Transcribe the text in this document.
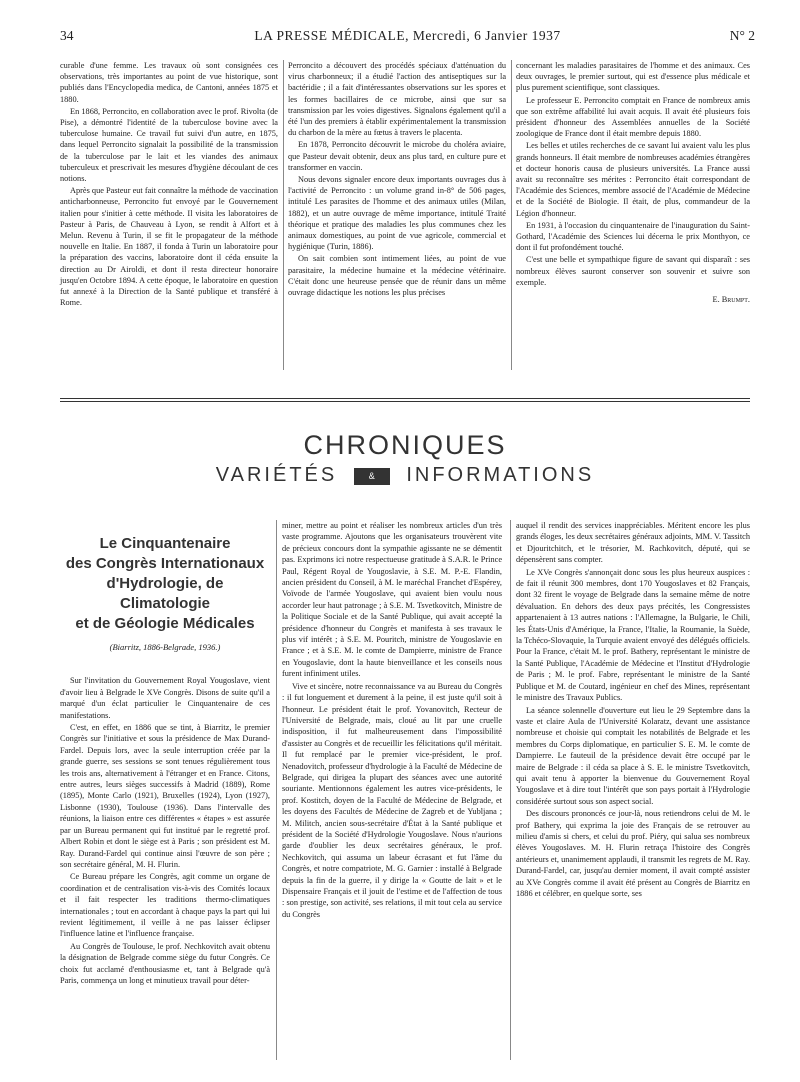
34	LA PRESSE MÉDICALE, Mercredi, 6 Janvier 1937	N° 2

curable d'une femme. Les travaux où sont consignées ces observations, très importantes au point de vue historique, sont publiés dans l'Encyclopedia medica, de Cantoni, années 1875 et 1880.

En 1868, Perroncito, en collaboration avec le prof. Rivolta (de Pise), a démontré l'identité de la tuberculose bovine avec la tuberculose humaine. Ce travail fut suivi d'un autre, en 1875, dans lequel Perroncito signalait la possibilité de la transmission de la tuberculose par le lait et les viandes des animaux tuberculeux et prescrivait les mesures d'hygiène découlant de ces notions.

Après que Pasteur eut fait connaître la méthode de vaccination anticharbonneuse, Perroncito fut envoyé par le Gouvernement italien pour s'initier à cette méthode. Il visita les laboratoires de Pasteur à Paris, de Chauveau à Lyon, se rendit à Alfort et à Melun. Revenu à Turin, il se fit le propagateur de la méthode nouvelle en Italie. En 1887, il fonda à Turin un laboratoire pour la préparation des vaccins, laboratoire dont il céda ensuite la direction au Dr Airoldi, et dont il resta directeur honoraire jusqu'en Octobre 1894. A cette époque, le laboratoire en question fut annexé à la Direction de la Santé publique et transféré à Rome.

Perroncito a découvert des procédés spéciaux d'atténuation du virus charbonneux; il a étudié l'action des antiseptiques sur la bactéridie ; il a fait d'intéressantes observations sur les spores et les formes bacillaires de ce microbe, ainsi que sur sa transmission par les voies digestives. Signalons également qu'il a été l'un des premiers à établir expérimentalement la transmission du charbon de la mère au fœtus à travers le placenta.

En 1878, Perroncito découvrit le microbe du choléra aviaire, que Pasteur devait obtenir, deux ans plus tard, en culture pure et transformer en vaccin.

Nous devons signaler encore deux importants ouvrages dus à l'activité de Perroncito : un volume grand in-8° de 506 pages, intitulé Les parasites de l'homme et des animaux utiles (Milan, 1882), et un autre ouvrage de même importance, intitulé Traité théorique et pratique des maladies les plus communes chez les animaux domestiques, au point de vue agricole, commercial et hygiénique (Turin, 1886).

On sait combien sont intimement liées, au point de vue parasitaire, la médecine humaine et la médecine vétérinaire. C'était donc une heureuse pensée que de réunir dans un même ouvrage didactique les notions les plus précises

concernant les maladies parasitaires de l'homme et des animaux. Ces deux ouvrages, le premier surtout, qui est d'essence plus médicale et plus purement scientifique, sont classiques.

Le professeur E. Perroncito comptait en France de nombreux amis que son extrême affabilité lui avait acquis. Il avait été plusieurs fois président d'honneur des Assemblées annuelles de la Société zoologique de France dont il était membre depuis 1880.

Les belles et utiles recherches de ce savant lui avaient valu les plus grands honneurs. Il était membre de nombreuses académies étrangères et docteur honoris causa de plusieurs universités. La France aussi avait su reconnaître ses mérites : Perroncito était correspondant de l'Académie des Sciences, membre associé de l'Académie de Médecine et de la Société de Biologie. Il était, de plus, commandeur de la Légion d'honneur.

En 1931, à l'occasion du cinquantenaire de l'inauguration du Saint-Gothard, l'Académie des Sciences lui décerna le prix Monthyon, ce dont il fut profondément touché.

C'est une belle et sympathique figure de savant qui disparaît : ses nombreux élèves sauront conserver son souvenir et suivre son exemple.

E. Brumpt.
CHRONIQUES
VARIÉTÉS	& INFORMATIONS
Le Cinquantenaire
des Congrès Internationaux
d'Hydrologie, de Climatologie
et de Géologie Médicales
(Biarritz, 1886-Belgrade, 1936.)

Sur l'invitation du Gouvernement Royal Yougoslave, vient d'avoir lieu à Belgrade le XVe Congrès. Disons de suite qu'il a marqué d'un éclat particulier le Cinquantenaire de ces manifestations.

C'est, en effet, en 1886 que se tint, à Biarritz, le premier Congrès sur l'initiative et sous la présidence de Max Durand-Fardel. Depuis lors, avec la seule interruption créée par la grande guerre, ses sessions se sont tenues régulièrement tous les trois ans, alternativement à l'étranger et en France. Citons, entre autres, leurs sièges successifs à Madrid (1889), Rome (1895), Monte Carlo (1921), Bruxelles (1924), Lyon (1927), Lisbonne (1930), Toulouse (1936). Dans l'intervalle des réunions, la liaison entre ces différentes « étapes » est assurée par un Bureau permanent qui fut institué par le regretté prof. Albert Robin et dont le siège est à Paris ; son président est M. Ray. Durand-Fardel qui continue ainsi l'œuvre de son père ; son secrétaire général, M. H. Flurin.

Ce Bureau prépare les Congrès, agit comme un organe de coordination et de centralisation vis-à-vis des Comités locaux et il fait respecter les traditions thermo-climatiques internationales ; tout en accordant à chaque pays la part qui lui revient légitimement, il veille à ne pas laisser éclipser l'influence latine et l'influence française.

Au Congrès de Toulouse, le prof. Nechkovitch avait obtenu la désignation de Belgrade comme siège du futur Congrès. Ce choix fut acclamé d'enthousiasme et, tant à Belgrade qu'à Paris, commença un long et minutieux travail pour déter-

miner, mettre au point et réaliser les nombreux articles d'un très vaste programme. Ajoutons que les organisateurs trouvèrent vite de précieux concours dont la sympathie agissante ne se démentit pas. Exprimons ici notre respectueuse gratitude à S.A.R. le Prince Paul, Régent Royal de Yougoslavie, à S.E. M. P.-E. Flandin, ancien président du Conseil, à M. le maréchal Franchet d'Espérey, Voïvode de l'armée Yougoslave, qui avaient bien voulu nous accorder leur haut patronage ; à S.E. M. Tsvetkovitch, Ministre de la Politique Sociale et de la Santé Publique, qui avait accepté la présidence d'honneur du Congrès et manifesta à ses travaux le plus vif intérêt ; à S.E. M. Pouritch, ministre de Yougoslavie en France ; et à S.E. M. le comte de Dampierre, ministre de France en Yougoslavie, dont la haute bienveillance et les conseils nous furent infiniment utiles.

Vive et sincère, notre reconnaissance va au Bureau du Congrès : il fut longuement et durement à la peine, il est juste qu'il soit à l'honneur. Le président était le prof. Yovanovitch, Recteur de l'Université de Belgrade, mais, cloué au lit par une cruelle indisposition, il fut malheureusement dans l'impossibilité d'assister au Congrès et de recueillir les félicitations qu'il méritait. Il fut remplacé par le premier vice-président, le prof. Nenadovitch, professeur d'hydrologie à la Faculté de Médecine de Belgrade, qui dirigea la plupart des séances avec une autorité souriante. Mentionnons également les autres vice-présidents, le prof. Kostitch, doyen de la Faculté de Médecine de Belgrade, et les doyens des Facultés de Médecine de Zagreb et de Yubljana ; M. Militch, ancien sous-secrétaire d'État à la Santé publique et président de la Société d'Hydrologie Yougoslave. Nous n'aurions garde d'oublier les deux secrétaires généraux, le prof. Nechkovitch, qui assuma un labeur écrasant et fut l'âme du Congrès, et notre compatriote, M. G. Garnier : installé à Belgrade depuis la fin de la guerre, il y dirige la « Goutte de lait » et le Dispensaire Français et il jouit de l'estime et de l'affection de tous : son prestige, son activité, ses relations, il mit tout cela au service du Congrès

auquel il rendit des services inappréciables. Méritent encore les plus grands éloges, les deux secrétaires généraux adjoints, MM. V. Tassitch et Djouritchitch, et le trésorier, M. Rachkovitch, député, qui se dépensèrent sans compter.

Le XVe Congrès s'annonçait donc sous les plus heureux auspices : de fait il réunit 300 membres, dont 170 Yougoslaves et 82 Français, dont 32 firent le voyage de Belgrade dans la semaine même de notre dévaluation. En dehors des deux pays précités, les Congressistes appartenaient à 13 autres nations : l'Allemagne, la Bulgarie, le Chili, les États-Unis d'Amérique, la France, l'Italie, la Roumanie, la Suède, la Tchéco-Slovaquie, la Turquie avaient envoyé des délégués officiels. Pour la France, c'était M. le prof. Bathery, représentant le ministre de la Santé Publique, l'Académie de Médecine et l'Institut d'Hydrologie de Paris ; M. le prof. Fabre, représentant le ministre de la Santé Publique et M. de Coutard, ingénieur en chef des Mines, représentant le ministre des Travaux Publics.

La séance solennelle d'ouverture eut lieu le 29 Septembre dans la vaste et claire Aula de l'Université Kolaratz, devant une assistance nombreuse et choisie qui comptait les notabilités de Belgrade et les membres du Corps diplomatique, en particulier S. E. M. le comte de Dampierre. Le fauteuil de la présidence devait être occupé par le maire de Belgrade : il céda sa place à S. E. le ministre Tsvetkovitch, qui avait tenu à apporter la bienvenue du Gouvernement Royal Yougoslave et à dire tout l'intérêt que son pays portait à l'Hydrologie considérée surtout sous son aspect social.

Des discours prononcés ce jour-là, nous retiendrons celui de M. le prof Bathery, qui exprima la joie des Français de se retrouver au milieu d'amis si chers, et celui du prof. Piéry, qui salua ses nombreux élèves Yougoslaves. M. H. Flurin retraça l'histoire des Congrès antérieurs et, unanimement applaudi, il transmit les regrets de M. Ray. Durand-Fardel, car, jusqu'au dernier moment, il avait compté assister au XVe Congrès comme il avait été présent au Congrès de Biarritz en 1886 et célébrer, en quelque sorte, ses
